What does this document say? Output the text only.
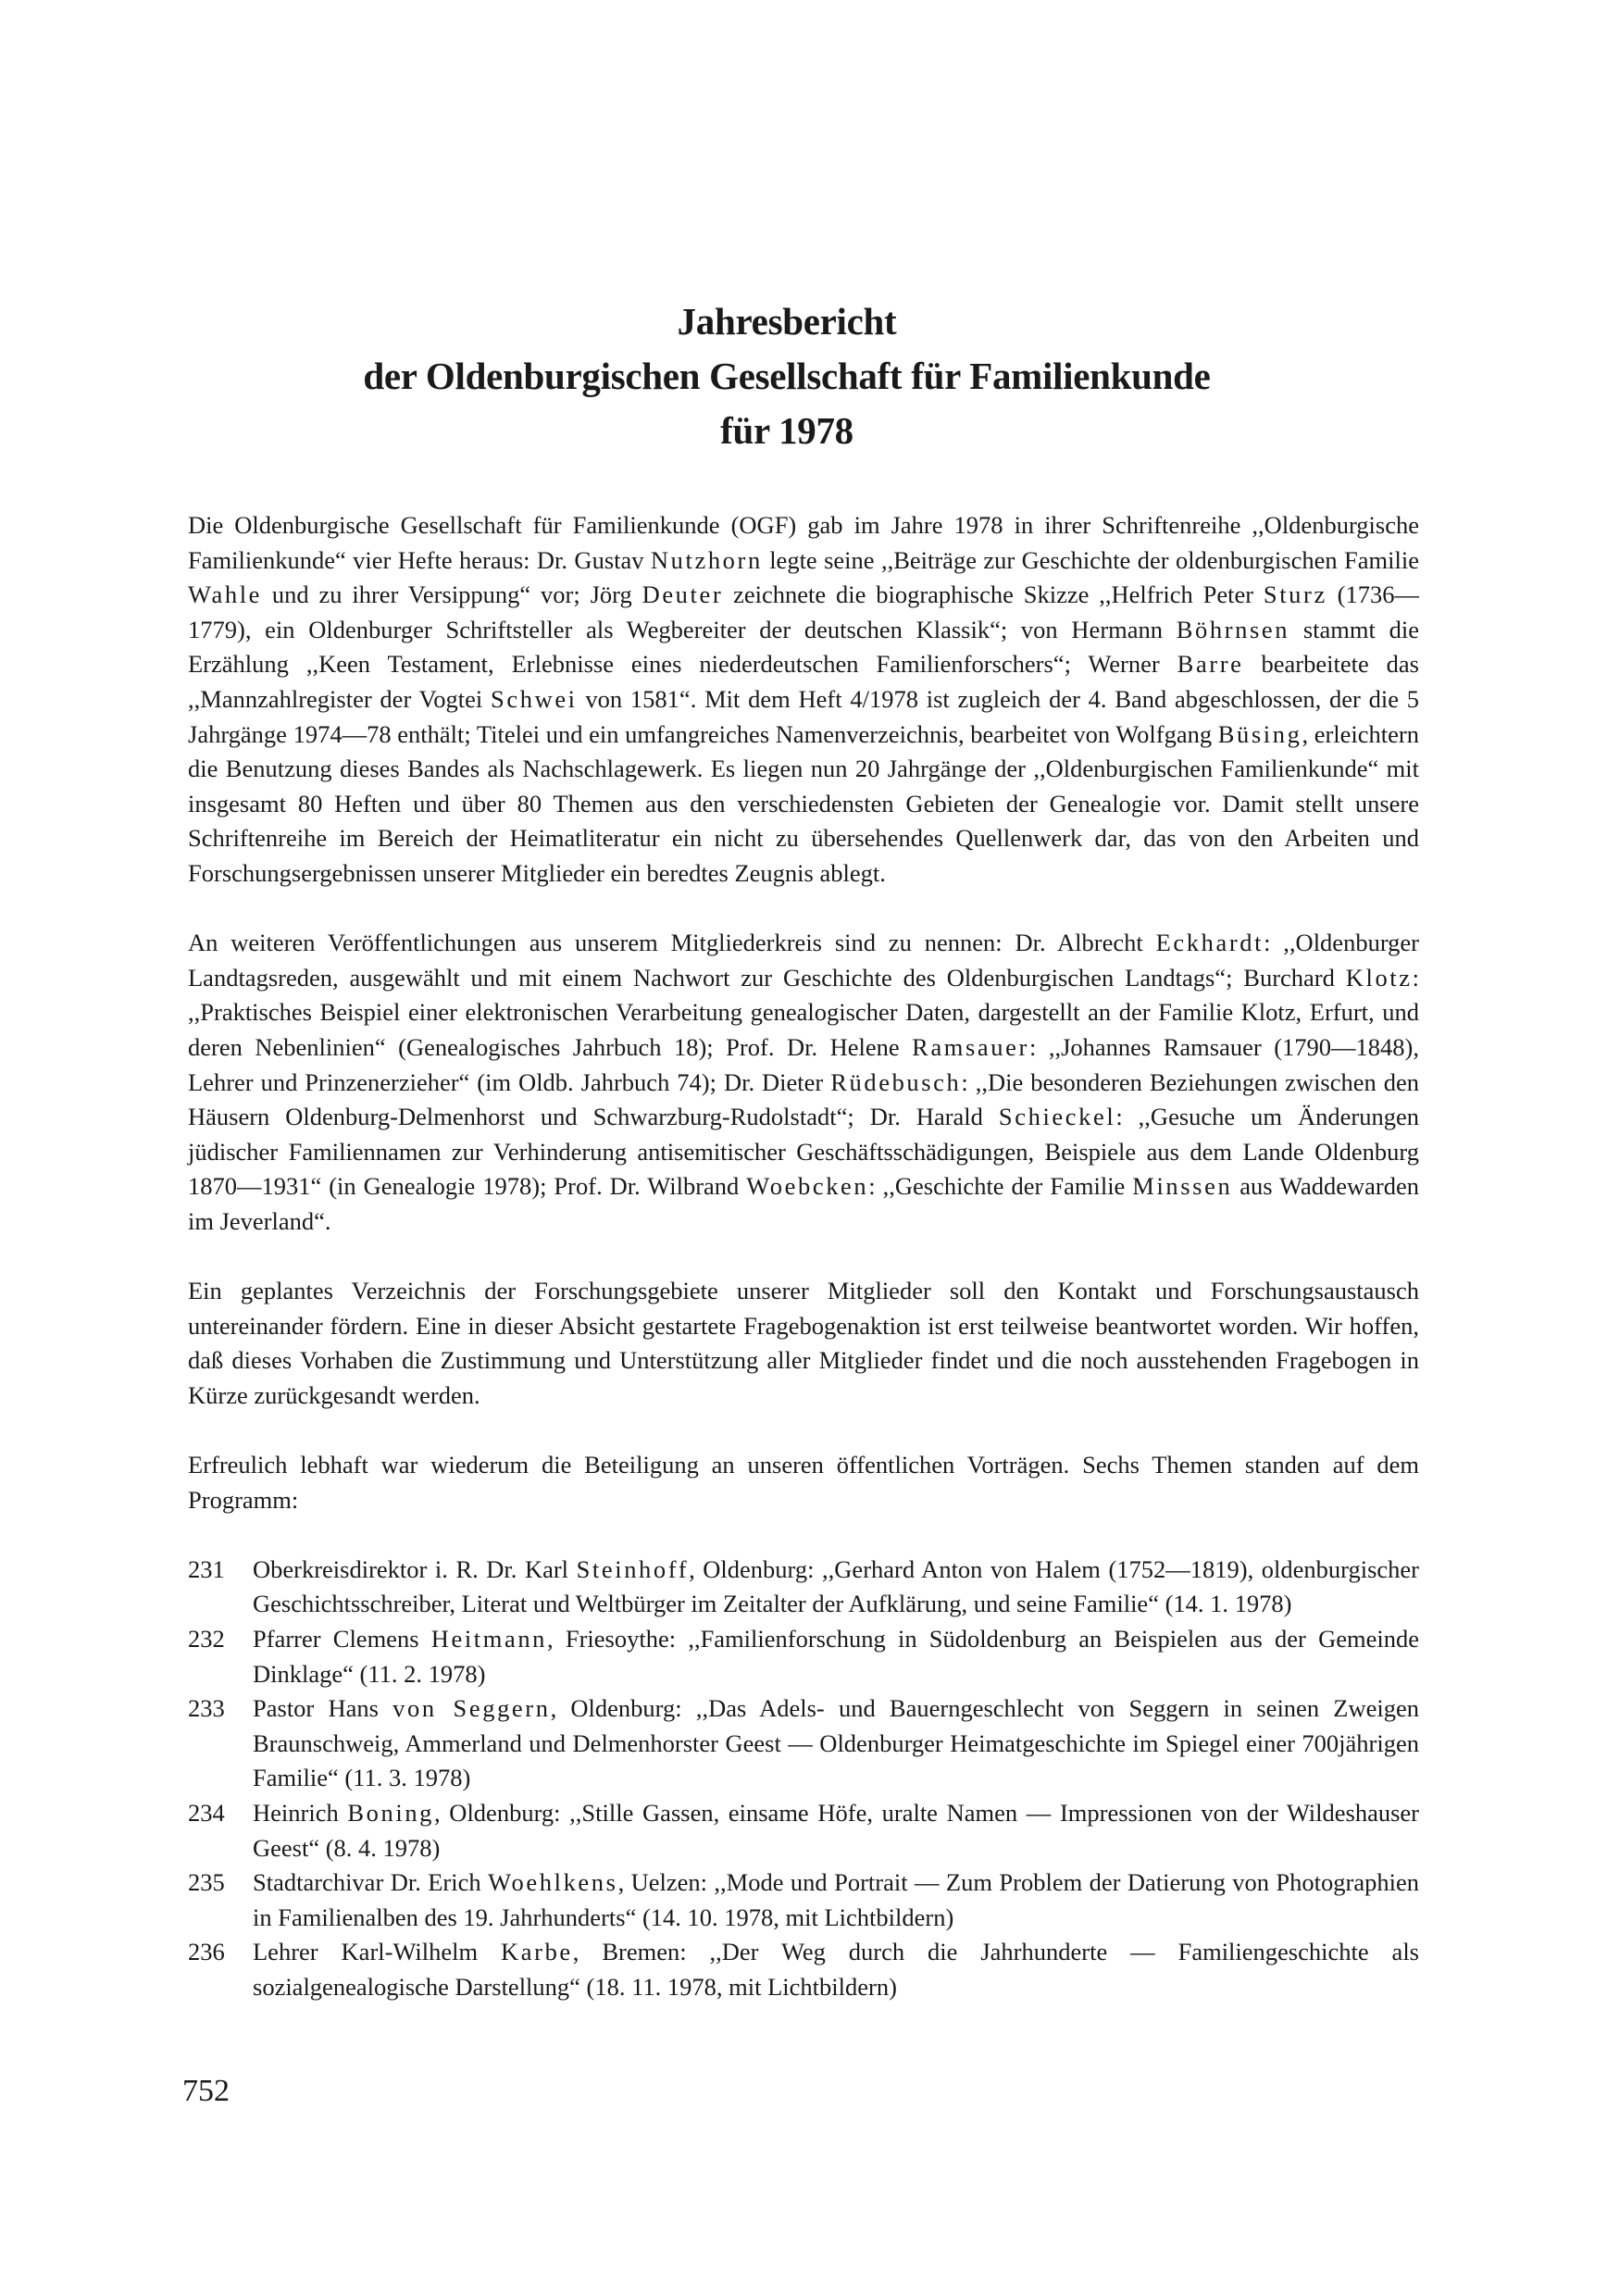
Jahresbericht
der Oldenburgischen Gesellschaft für Familienkunde
für 1978

Die Oldenburgische Gesellschaft für Familienkunde (OGF) gab im Jahre 1978 in ihrer Schriftenreihe ,,Oldenburgische Familienkunde“ vier Hefte heraus: Dr. Gustav Nutzhorn legte seine ,,Beiträge zur Geschichte der oldenburgischen Familie Wahle und zu ihrer Versippung“ vor; Jörg Deuter zeichnete die biographische Skizze ,,Helfrich Peter Sturz (1736—1779), ein Oldenburger Schriftsteller als Wegbereiter der deutschen Klassik“; von Hermann Böhrnsen stammt die Erzählung ,,Keen Testament, Erlebnisse eines niederdeutschen Familienforschers“; Werner Barre bearbeitete das ,,Mannzahlregister der Vogtei Schwei von 1581“. Mit dem Heft 4/1978 ist zugleich der 4. Band abgeschlossen, der die 5 Jahrgänge 1974—78 enthält; Titelei und ein umfangreiches Namenverzeichnis, bearbeitet von Wolfgang Büsing, erleichtern die Benutzung dieses Bandes als Nachschlagewerk. Es liegen nun 20 Jahrgänge der ,,Oldenburgischen Familienkunde“ mit insgesamt 80 Heften und über 80 Themen aus den verschiedensten Gebieten der Genealogie vor. Damit stellt unsere Schriftenreihe im Bereich der Heimatliteratur ein nicht zu übersehendes Quellenwerk dar, das von den Arbeiten und Forschungsergebnissen unserer Mitglieder ein beredtes Zeugnis ablegt.

An weiteren Veröffentlichungen aus unserem Mitgliederkreis sind zu nennen: Dr. Albrecht Eckhardt: ,,Oldenburger Landtagsreden, ausgewählt und mit einem Nachwort zur Geschichte des Oldenburgischen Landtags“; Burchard Klotz: ,,Praktisches Beispiel einer elektronischen Verarbeitung genealogischer Daten, dargestellt an der Familie Klotz, Erfurt, und deren Nebenlinien“ (Genealogisches Jahrbuch 18); Prof. Dr. Helene Ramsauer: ,,Johannes Ramsauer (1790—1848), Lehrer und Prinzenerzieher“ (im Oldb. Jahrbuch 74); Dr. Dieter Rüdebusch: ,,Die besonderen Beziehungen zwischen den Häusern Oldenburg-Delmenhorst und Schwarzburg-Rudolstadt“; Dr. Harald Schieckel: ,,Gesuche um Änderungen jüdischer Familiennamen zur Verhinderung antisemitischer Geschäftsschädigungen, Beispiele aus dem Lande Oldenburg 1870—1931“ (in Genealogie 1978); Prof. Dr. Wilbrand Woebcken: ,,Geschichte der Familie Minssen aus Waddewarden im Jeverland“.

Ein geplantes Verzeichnis der Forschungsgebiete unserer Mitglieder soll den Kontakt und Forschungsaustausch untereinander fördern. Eine in dieser Absicht gestartete Fragebogenaktion ist erst teilweise beantwortet worden. Wir hoffen, daß dieses Vorhaben die Zustimmung und Unterstützung aller Mitglieder findet und die noch ausstehenden Fragebogen in Kürze zurückgesandt werden.

Erfreulich lebhaft war wiederum die Beteiligung an unseren öffentlichen Vorträgen. Sechs Themen standen auf dem Programm:

231	Oberkreisdirektor i. R. Dr. Karl Steinhoff, Oldenburg: ,,Gerhard Anton von Halem (1752—1819), oldenburgischer Geschichtsschreiber, Literat und Weltbürger im Zeitalter der Aufklärung, und seine Familie“ (14. 1. 1978)
232	Pfarrer Clemens Heitmann, Friesoythe: ,,Familienforschung in Südoldenburg an Beispielen aus der Gemeinde Dinklage“ (11. 2. 1978)
233	Pastor Hans von Seggern, Oldenburg: ,,Das Adels- und Bauerngeschlecht von Seggern in seinen Zweigen Braunschweig, Ammerland und Delmenhorster Geest — Oldenburger Heimatgeschichte im Spiegel einer 700jährigen Familie“ (11. 3. 1978)
234	Heinrich Boning, Oldenburg: ,,Stille Gassen, einsame Höfe, uralte Namen — Impressionen von der Wildeshauser Geest“ (8. 4. 1978)
235	Stadtarchivar Dr. Erich Woehlkens, Uelzen: ,,Mode und Portrait — Zum Problem der Datierung von Photographien in Familienalben des 19. Jahrhunderts“ (14. 10. 1978, mit Lichtbildern)
236	Lehrer Karl-Wilhelm Karbe, Bremen: ,,Der Weg durch die Jahrhunderte — Familiengeschichte als sozialgenealogische Darstellung“ (18. 11. 1978, mit Lichtbildern)
752
